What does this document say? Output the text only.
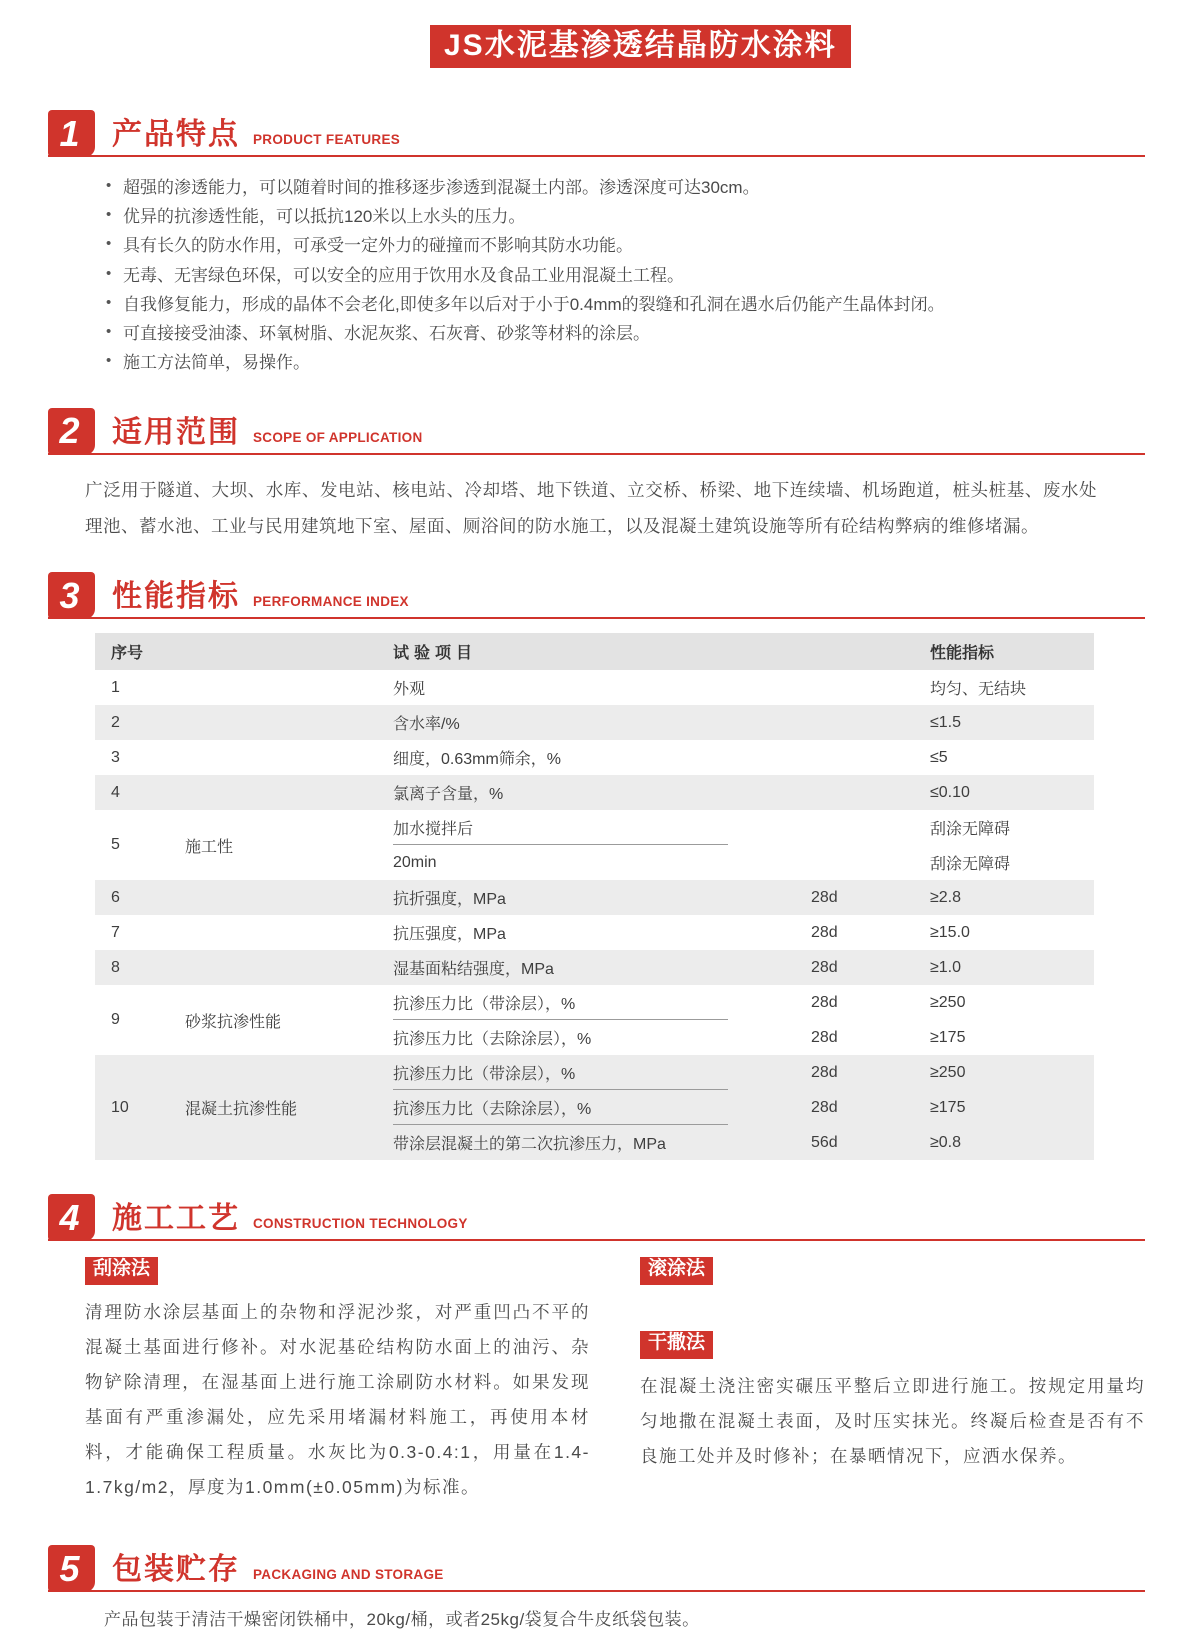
JS水泥基渗透结晶防水涂料
1	产品特点 PRODUCT FEATURES
• 超强的渗透能力，可以随着时间的推移逐步渗透到混凝土内部。渗透深度可达30cm。
• 优异的抗渗透性能，可以抵抗120米以上水头的压力。
• 具有长久的防水作用，可承受一定外力的碰撞而不影响其防水功能。
• 无毒、无害绿色环保，可以安全的应用于饮用水及食品工业用混凝土工程。
• 自我修复能力，形成的晶体不会老化,即使多年以后对于小于0.4mm的裂缝和孔洞在遇水后仍能产生晶体封闭。
• 可直接接受油漆、环氧树脂、水泥灰浆、石灰膏、砂浆等材料的涂层。
• 施工方法简单，易操作。
2	适用范围 SCOPE OF APPLICATION

广泛用于隧道、大坝、水库、发电站、核电站、冷却塔、地下铁道、立交桥、桥梁、地下连续墙、机场跑道，桩头桩基、废水处理池、蓄水池、工业与民用建筑地下室、屋面、厕浴间的防水施工，以及混凝土建筑设施等所有砼结构弊病的维修堵漏。

3	性能指标 PERFORMANCE INDEX
序号	试验项目	性能指标
1	外观	均匀、无结块
2	含水率/%	≤1.5
3	细度，0.63mm筛余，%	≤5
4	氯离子含量，%	≤0.10
5	施工性
加水搅拌后	刮涂无障碍
20min	刮涂无障碍
6	抗折强度，MPa	28d	≥2.8
7	抗压强度，MPa	28d	≥15.0
8	湿基面粘结强度，MPa	28d	≥1.0
9	砂浆抗渗性能
抗渗压力比（带涂层），%	28d	≥250
抗渗压力比（去除涂层），%	28d	≥175
10	混凝土抗渗性能
抗渗压力比（带涂层），%	28d	≥250
抗渗压力比（去除涂层），%	28d	≥175
带涂层混凝土的第二次抗渗压力，MPa	56d	≥0.8
4	施工工艺 CONSTRUCTION TECHNOLOGY
刮涂法

清理防水涂层基面上的杂物和浮泥沙浆，对严重凹凸不平的混凝土基面进行修补。对水泥基砼结构防水面上的油污、杂物铲除清理，在湿基面上进行施工涂刷防水材料。如果发现基面有严重渗漏处，应先采用堵漏材料施工，再使用本材料，才能确保工程质量。水灰比为0.3-0.4:1，用量在1.4-1.7kg/m2，厚度为1.0mm(±0.05mm)为标准。

滚涂法
干撒法

在混凝土浇注密实碾压平整后立即进行施工。按规定用量均匀地撒在混凝土表面，及时压实抹光。终凝后检查是否有不良施工处并及时修补；在暴晒情况下，应洒水保养。

5	包装贮存 PACKAGING AND STORAGE

产品包装于清洁干燥密闭铁桶中，20kg/桶，或者25kg/袋复合牛皮纸袋包装。
